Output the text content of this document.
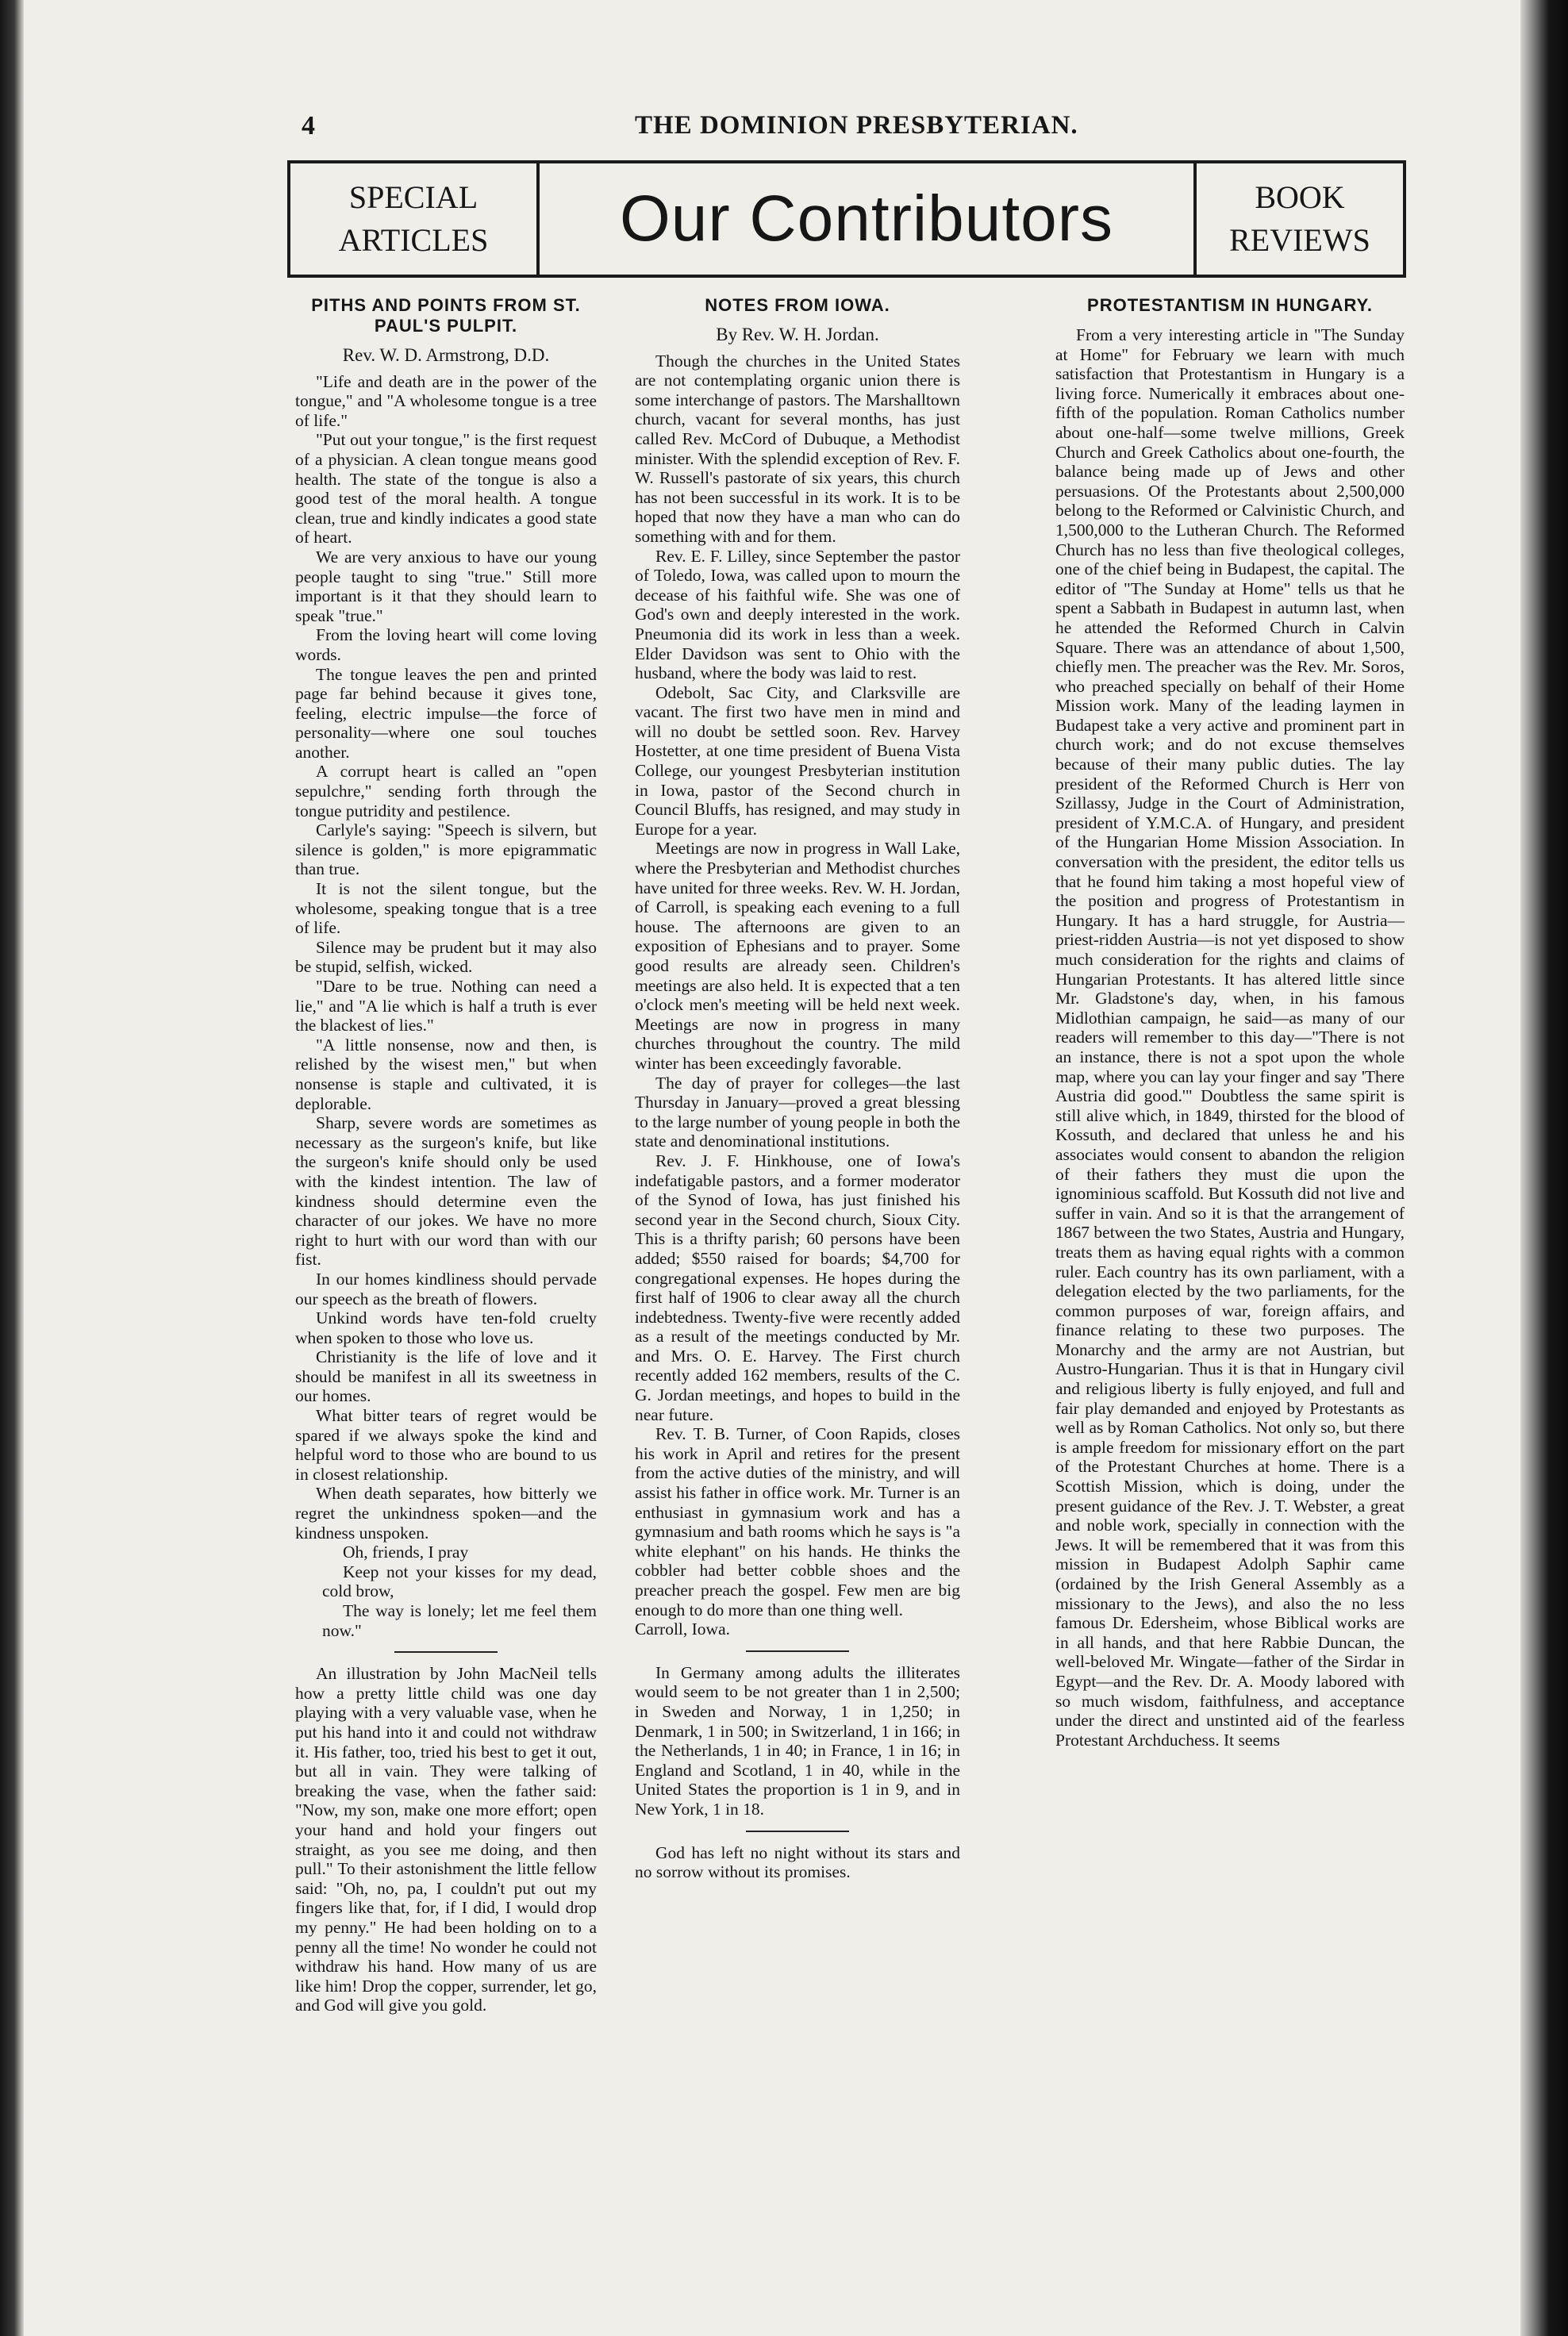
4	THE DOMINION PRESBYTERIAN.
SPECIAL
ARTICLES	Our Contributors	BOOK
REVIEWS
PITHS AND POINTS FROM ST. PAUL'S PULPIT.
Rev. W. D. Armstrong, D.D.

"Life and death are in the power of the tongue," and "A wholesome tongue is a tree of life."

"Put out your tongue," is the first request of a physician. A clean tongue means good health. The state of the tongue is also a good test of the moral health. A tongue clean, true and kindly indicates a good state of heart.

We are very anxious to have our young people taught to sing "true." Still more important is it that they should learn to speak "true."

From the loving heart will come loving words.

The tongue leaves the pen and printed page far behind because it gives tone, feeling, electric impulse—the force of personality—where one soul touches another.

A corrupt heart is called an "open sepulchre," sending forth through the tongue putridity and pestilence.

Carlyle's saying: "Speech is silvern, but silence is golden," is more epigrammatic than true.

It is not the silent tongue, but the wholesome, speaking tongue that is a tree of life.

Silence may be prudent but it may also be stupid, selfish, wicked.

"Dare to be true. Nothing can need a lie," and "A lie which is half a truth is ever the blackest of lies."

"A little nonsense, now and then, is relished by the wisest men," but when nonsense is staple and cultivated, it is deplorable.

Sharp, severe words are sometimes as necessary as the surgeon's knife, but like the surgeon's knife should only be used with the kindest intention. The law of kindness should determine even the character of our jokes. We have no more right to hurt with our word than with our fist.

In our homes kindliness should pervade our speech as the breath of flowers.

Unkind words have ten-fold cruelty when spoken to those who love us.

Christianity is the life of love and it should be manifest in all its sweetness in our homes.

What bitter tears of regret would be spared if we always spoke the kind and helpful word to those who are bound to us in closest relationship.

When death separates, how bitterly we regret the unkindness spoken—and the kindness unspoken.

Oh, friends, I pray

Keep not your kisses for my dead, cold brow,

The way is lonely; let me feel them now."

An illustration by John MacNeil tells how a pretty little child was one day playing with a very valuable vase, when he put his hand into it and could not withdraw it. His father, too, tried his best to get it out, but all in vain. They were talking of breaking the vase, when the father said: "Now, my son, make one more effort; open your hand and hold your fingers out straight, as you see me doing, and then pull." To their astonishment the little fellow said: "Oh, no, pa, I couldn't put out my fingers like that, for, if I did, I would drop my penny." He had been holding on to a penny all the time! No wonder he could not withdraw his hand. How many of us are like him! Drop the copper, surrender, let go, and God will give you gold.

NOTES FROM IOWA.
By Rev. W. H. Jordan.

Though the churches in the United States are not contemplating organic union there is some interchange of pastors. The Marshalltown church, vacant for several months, has just called Rev. McCord of Dubuque, a Methodist minister. With the splendid exception of Rev. F. W. Russell's pastorate of six years, this church has not been successful in its work. It is to be hoped that now they have a man who can do something with and for them.

Rev. E. F. Lilley, since September the pastor of Toledo, Iowa, was called upon to mourn the decease of his faithful wife. She was one of God's own and deeply interested in the work. Pneumonia did its work in less than a week. Elder Davidson was sent to Ohio with the husband, where the body was laid to rest.

Odebolt, Sac City, and Clarksville are vacant. The first two have men in mind and will no doubt be settled soon. Rev. Harvey Hostetter, at one time president of Buena Vista College, our youngest Presbyterian institution in Iowa, pastor of the Second church in Council Bluffs, has resigned, and may study in Europe for a year.

Meetings are now in progress in Wall Lake, where the Presbyterian and Methodist churches have united for three weeks. Rev. W. H. Jordan, of Carroll, is speaking each evening to a full house. The afternoons are given to an exposition of Ephesians and to prayer. Some good results are already seen. Children's meetings are also held. It is expected that a ten o'clock men's meeting will be held next week. Meetings are now in progress in many churches throughout the country. The mild winter has been exceedingly favorable.

The day of prayer for colleges—the last Thursday in January—proved a great blessing to the large number of young people in both the state and denominational institutions.

Rev. J. F. Hinkhouse, one of Iowa's indefatigable pastors, and a former moderator of the Synod of Iowa, has just finished his second year in the Second church, Sioux City. This is a thrifty parish; 60 persons have been added; $550 raised for boards; $4,700 for congregational expenses. He hopes during the first half of 1906 to clear away all the church indebtedness. Twenty-five were recently added as a result of the meetings conducted by Mr. and Mrs. O. E. Harvey. The First church recently added 162 members, results of the C. G. Jordan meetings, and hopes to build in the near future.

Rev. T. B. Turner, of Coon Rapids, closes his work in April and retires for the present from the active duties of the ministry, and will assist his father in office work. Mr. Turner is an enthusiast in gymnasium work and has a gymnasium and bath rooms which he says is "a white elephant" on his hands. He thinks the cobbler had better cobble shoes and the preacher preach the gospel. Few men are big enough to do more than one thing well.

Carroll, Iowa.

In Germany among adults the illiterates would seem to be not greater than 1 in 2,500; in Sweden and Norway, 1 in 1,250; in Denmark, 1 in 500; in Switzerland, 1 in 166; in the Netherlands, 1 in 40; in France, 1 in 16; in England and Scotland, 1 in 40, while in the United States the proportion is 1 in 9, and in New York, 1 in 18.

God has left no night without its stars and no sorrow without its promises.

PROTESTANTISM IN HUNGARY.

From a very interesting article in "The Sunday at Home" for February we learn with much satisfaction that Protestantism in Hungary is a living force. Numerically it embraces about one-fifth of the population. Roman Catholics number about one-half—some twelve millions, Greek Church and Greek Catholics about one-fourth, the balance being made up of Jews and other persuasions. Of the Protestants about 2,500,000 belong to the Reformed or Calvinistic Church, and 1,500,000 to the Lutheran Church. The Reformed Church has no less than five theological colleges, one of the chief being in Budapest, the capital. The editor of "The Sunday at Home" tells us that he spent a Sabbath in Budapest in autumn last, when he attended the Reformed Church in Calvin Square. There was an attendance of about 1,500, chiefly men. The preacher was the Rev. Mr. Soros, who preached specially on behalf of their Home Mission work. Many of the leading laymen in Budapest take a very active and prominent part in church work; and do not excuse themselves because of their many public duties. The lay president of the Reformed Church is Herr von Szillassy, Judge in the Court of Administration, president of Y.M.C.A. of Hungary, and president of the Hungarian Home Mission Association. In conversation with the president, the editor tells us that he found him taking a most hopeful view of the position and progress of Protestantism in Hungary. It has a hard struggle, for Austria—priest-ridden Austria—is not yet disposed to show much consideration for the rights and claims of Hungarian Protestants. It has altered little since Mr. Gladstone's day, when, in his famous Midlothian campaign, he said—as many of our readers will remember to this day—"There is not an instance, there is not a spot upon the whole map, where you can lay your finger and say 'There Austria did good.'" Doubtless the same spirit is still alive which, in 1849, thirsted for the blood of Kossuth, and declared that unless he and his associates would consent to abandon the religion of their fathers they must die upon the ignominious scaffold. But Kossuth did not live and suffer in vain. And so it is that the arrangement of 1867 between the two States, Austria and Hungary, treats them as having equal rights with a common ruler. Each country has its own parliament, with a delegation elected by the two parliaments, for the common purposes of war, foreign affairs, and finance relating to these two purposes. The Monarchy and the army are not Austrian, but Austro-Hungarian. Thus it is that in Hungary civil and religious liberty is fully enjoyed, and full and fair play demanded and enjoyed by Protestants as well as by Roman Catholics. Not only so, but there is ample freedom for missionary effort on the part of the Protestant Churches at home. There is a Scottish Mission, which is doing, under the present guidance of the Rev. J. T. Webster, a great and noble work, specially in connection with the Jews. It will be remembered that it was from this mission in Budapest Adolph Saphir came (ordained by the Irish General Assembly as a missionary to the Jews), and also the no less famous Dr. Edersheim, whose Biblical works are in all hands, and that here Rabbie Duncan, the well-beloved Mr. Wingate—father of the Sirdar in Egypt—and the Rev. Dr. A. Moody labored with so much wisdom, faithfulness, and acceptance under the direct and unstinted aid of the fearless Protestant Archduchess. It seems
